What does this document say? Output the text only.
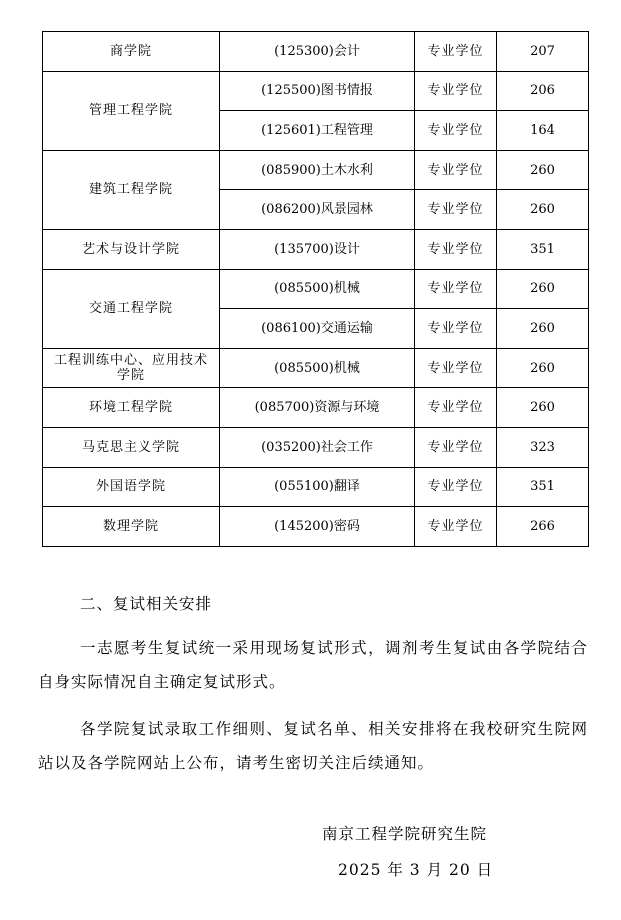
商学院	(125300)会计	专业学位	207
管理工程学院	(125500)图书情报	专业学位	206
	(125601)工程管理	专业学位	164
建筑工程学院	(085900)土木水利	专业学位	260
	(086200)风景园林	专业学位	260
艺术与设计学院	(135700)设计	专业学位	351
交通工程学院	(085500)机械	专业学位	260
	(086100)交通运输	专业学位	260
工程训练中心、应用技术学院	(085500)机械	专业学位	260
环境工程学院	(085700)资源与环境	专业学位	260
马克思主义学院	(035200)社会工作	专业学位	323
外国语学院	(055100)翻译	专业学位	351
数理学院	(145200)密码	专业学位	266
二、复试相关安排

一志愿考生复试统一采用现场复试形式，调剂考生复试由各学院结合自身实际情况自主确定复试形式。

各学院复试录取工作细则、复试名单、相关安排将在我校研究生院网站以及各学院网站上公布，请考生密切关注后续通知。

南京工程学院研究生院
2025 年 3 月 20 日
